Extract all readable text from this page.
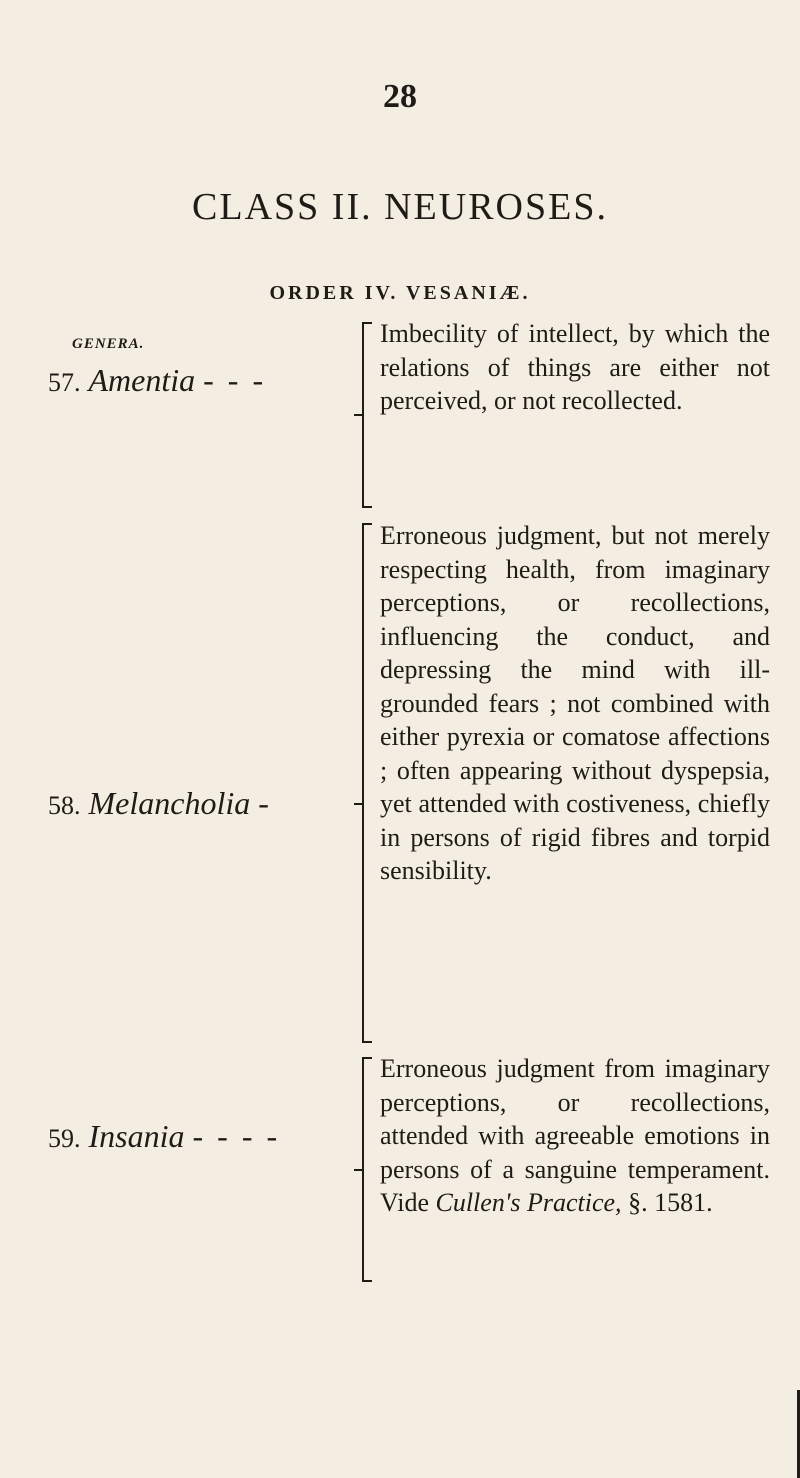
28
CLASS II. NEUROSES.
ORDER IV. VESANIÆ.
GENERA.
57. Amentia - - -
Imbecility of intellect, by which the relations of things are either not perceived, or not recollected.
58. Melancholia -
Erroneous judgment, but not merely respecting health, from imaginary perceptions, or recollections, influencing the conduct, and depressing the mind with ill-grounded fears ; not combined with either pyrexia or comatose affections ; often appearing without dyspepsia, yet attended with costiveness, chiefly in persons of rigid fibres and torpid sensibility.
59. Insania - - - -
Erroneous judgment from imaginary perceptions, or recollections, attended with agreeable emotions in persons of a sanguine temperament. Vide Cullen's Practice, §. 1581.
